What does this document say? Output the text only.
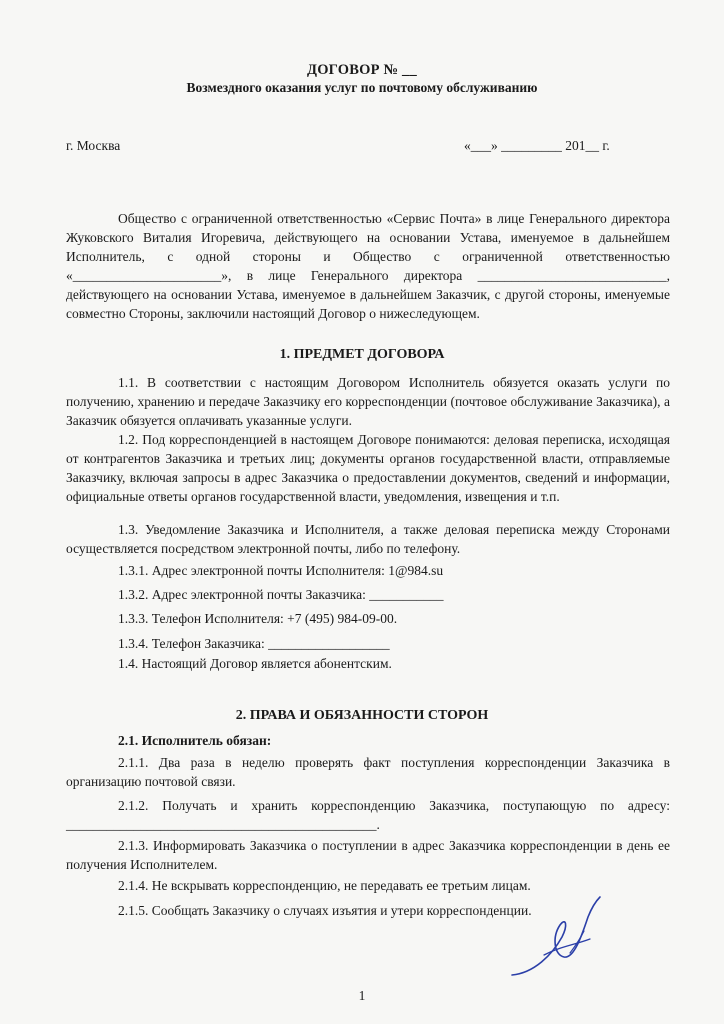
ДОГОВОР № __
Возмездного оказания услуг по почтовому обслуживанию
г. Москва	«___» _________ 201__ г.
Общество с ограниченной ответственностью «Сервис Почта» в лице Генерального директора Жуковского Виталия Игоревича, действующего на основании Устава, именуемое в дальнейшем Исполнитель, с одной стороны и Общество с ограниченной ответственностью «______________________», в лице Генерального директора ____________________________, действующего на основании Устава, именуемое в дальнейшем Заказчик, с другой стороны, именуемые совместно Стороны, заключили настоящий Договор о нижеследующем.
1. ПРЕДМЕТ ДОГОВОРА
1.1. В соответствии с настоящим Договором Исполнитель обязуется оказать услуги по получению, хранению и передаче Заказчику его корреспонденции (почтовое обслуживание Заказчика), а Заказчик обязуется оплачивать указанные услуги.
1.2. Под корреспонденцией в настоящем Договоре понимаются: деловая переписка, исходящая от контрагентов Заказчика и третьих лиц; документы органов государственной власти, отправляемые Заказчику, включая запросы в адрес Заказчика о предоставлении документов, сведений и информации, официальные ответы органов государственной власти, уведомления, извещения и т.п.
1.3. Уведомление Заказчика и Исполнителя, а также деловая переписка между Сторонами осуществляется посредством электронной почты, либо по телефону.
1.3.1. Адрес электронной почты Исполнителя: 1@984.su
1.3.2. Адрес электронной почты Заказчика: ___________
1.3.3. Телефон Исполнителя: +7 (495) 984-09-00.
1.3.4. Телефон Заказчика: __________________
1.4. Настоящий Договор является абонентским.
2. ПРАВА И ОБЯЗАННОСТИ СТОРОН
2.1. Исполнитель обязан:
2.1.1. Два раза в неделю проверять факт поступления корреспонденции Заказчика в организацию почтовой связи.
2.1.2. Получать и хранить корреспонденцию Заказчика, поступающую по адресу: ______________________________________________.
2.1.3. Информировать Заказчика о поступлении в адрес Заказчика корреспонденции в день ее получения Исполнителем.
2.1.4. Не вскрывать корреспонденцию, не передавать ее третьим лицам.
2.1.5. Сообщать Заказчику о случаях изъятия и утери корреспонденции.
1
